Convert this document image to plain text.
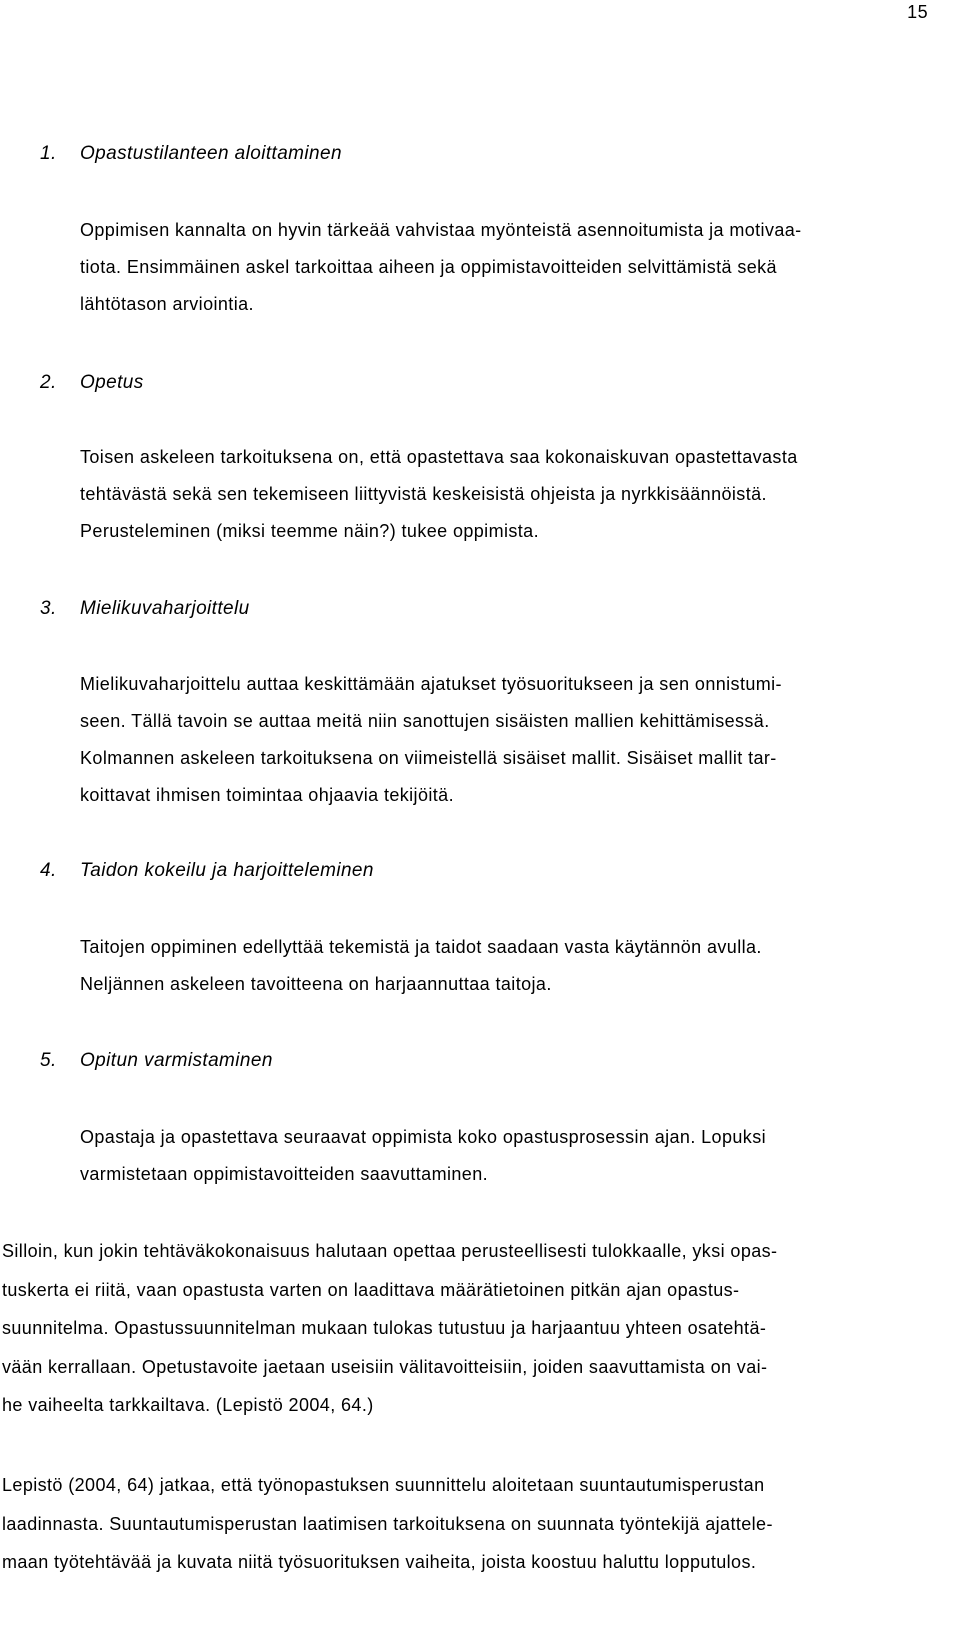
15
1. Opastustilanteen aloittaminen
Oppimisen kannalta on hyvin tärkeää vahvistaa myönteistä asennoitumista ja motivaa-
tiota. Ensimmäinen askel tarkoittaa aiheen ja oppimistavoitteiden selvittämistä sekä
lähtötason arviointia.
2. Opetus
Toisen askeleen tarkoituksena on, että opastettava saa kokonaiskuvan opastettavasta
tehtävästä sekä sen tekemiseen liittyvistä keskeisistä ohjeista ja nyrkkisäännöistä.
Perusteleminen (miksi teemme näin?) tukee oppimista.
3. Mielikuvaharjoittelu
Mielikuvaharjoittelu auttaa keskittämään ajatukset työsuoritukseen ja sen onnistumi-
seen. Tällä tavoin se auttaa meitä niin sanottujen sisäisten mallien kehittämisessä.
Kolmannen askeleen tarkoituksena on viimeistellä sisäiset mallit. Sisäiset mallit tar-
koittavat ihmisen toimintaa ohjaavia tekijöitä.
4. Taidon kokeilu ja harjoitteleminen
Taitojen oppiminen edellyttää tekemistä ja taidot saadaan vasta käytännön avulla.
Neljännen askeleen tavoitteena on harjaannuttaa taitoja.
5. Opitun varmistaminen
Opastaja ja opastettava seuraavat oppimista koko opastusprosessin ajan. Lopuksi
varmistetaan oppimistavoitteiden saavuttaminen.
Silloin, kun jokin tehtäväkokonaisuus halutaan opettaa perusteellisesti tulokkaalle, yksi opas-
tuskerta ei riitä, vaan opastusta varten on laadittava määrätietoinen pitkän ajan opastus-
suunnitelma. Opastussuunnitelman mukaan tulokas tutustuu ja harjaantuu yhteen osatehtä-
vään kerrallaan. Opetustavoite jaetaan useisiin välitavoitteisiin, joiden saavuttamista on vai-
he vaiheelta tarkkailtava. (Lepistö 2004, 64.)
Lepistö (2004, 64) jatkaa, että työnopastuksen suunnittelu aloitetaan suuntautumisperustan
laadinnasta. Suuntautumisperustan laatimisen tarkoituksena on suunnata työntekijä ajattele-
maan työtehtävää ja kuvata niitä työsuorituksen vaiheita, joista koostuu haluttu lopputulos.
